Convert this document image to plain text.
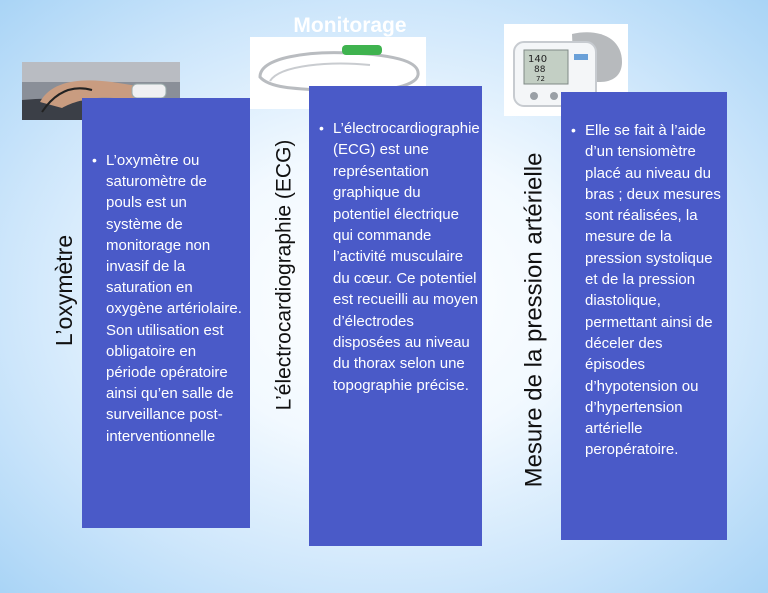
Monitorage
L’oxymètre
• L’oxymètre ou saturomètre de pouls est un système de monitorage non invasif de la saturation en oxygène artériolaire. Son utilisation est obligatoire en période opératoire ainsi qu’en salle de surveillance post-interventionnelle
L’électrocardiographie (ECG)
• L’électrocardiographie (ECG) est une représentation graphique du potentiel électrique qui commande l’activité musculaire du cœur. Ce potentiel est recueilli au moyen d’électrodes disposées au niveau du thorax selon une topographie précise.
140
88
72
Mesure de la pression artérielle
• Elle se fait à l’aide d’un tensiomètre placé au niveau du bras ; deux mesures sont réalisées, la mesure de la pression systolique et de la pression diastolique, permettant ainsi de déceler des épisodes d’hypotension ou d’hypertension artérielle peropératoire.
